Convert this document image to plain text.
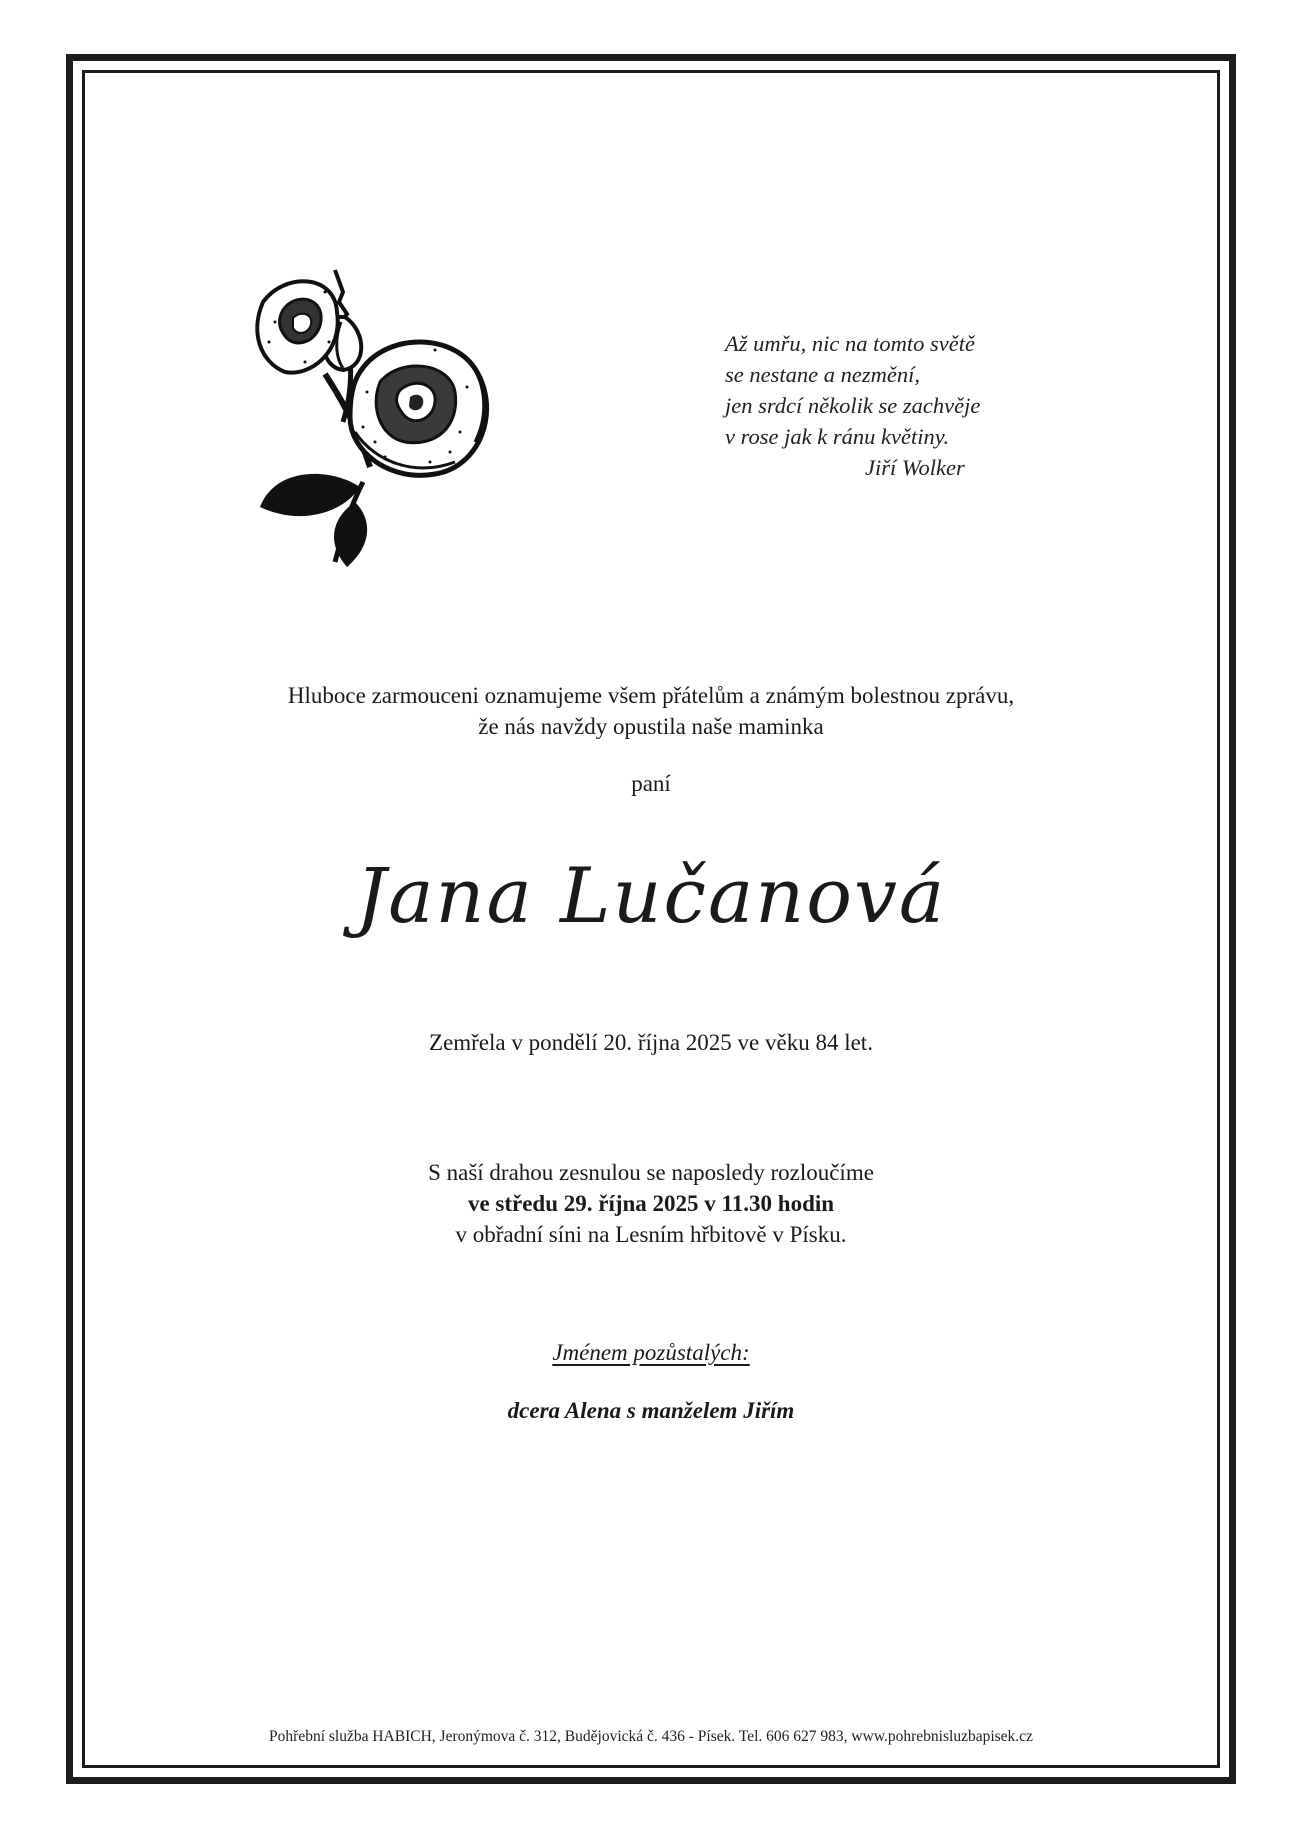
Až umřu, nic na tomto světě
se nestane a nezmění,
jen srdcí několik se zachvěje
v rose jak k ránu květiny.
Jiří Wolker
Hluboce zarmouceni oznamujeme všem přátelům a známým bolestnou zprávu,
že nás navždy opustila naše maminka
paní
Jana Lučanová
Zemřela v pondělí 20. října 2025 ve věku 84 let.
S naší drahou zesnulou se naposledy rozloučíme
ve středu 29. října 2025 v 11.30 hodin
v obřadní síni na Lesním hřbitově v Písku.
Jménem pozůstalých:
dcera Alena s manželem Jiřím
Pohřební služba HABICH, Jeronýmova č. 312, Budějovická č. 436 - Písek. Tel. 606 627 983, www.pohrebnisluzbapisek.cz
